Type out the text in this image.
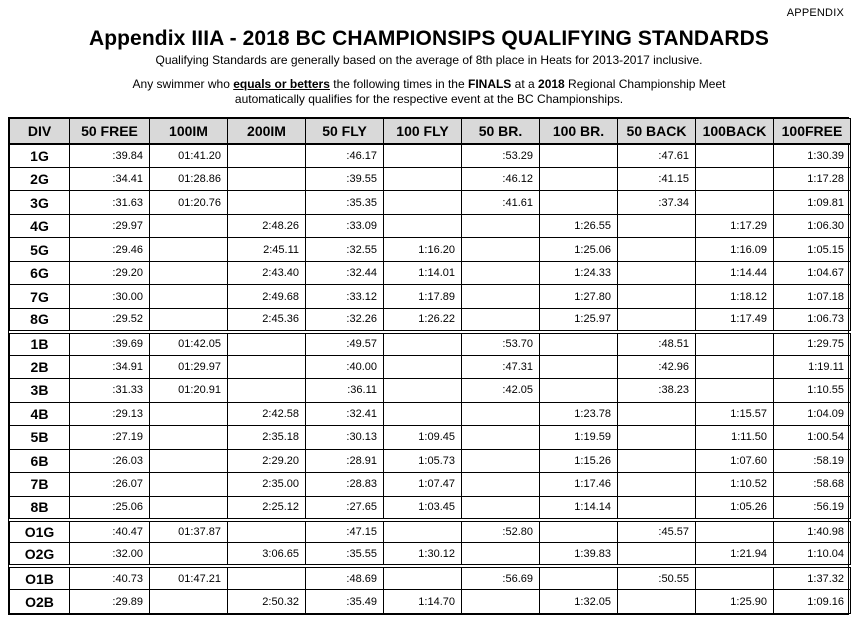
APPENDIX
Appendix IIIA - 2018 BC CHAMPIONSIPS QUALIFYING STANDARDS
Qualifying Standards are generally based on the average of 8th place in Heats for 2013-2017 inclusive.
Any swimmer who equals or betters the following times in the FINALS at a 2018 Regional Championship Meet
automatically qualifies for the respective event at the BC Championships.
DIV	50 FREE	100IM	200IM	50 FLY	100 FLY	50 BR.	100 BR.	50 BACK	100BACK	100FREE
1G	:39.84	01:41.20		:46.17		:53.29		:47.61		1:30.39
2G	:34.41	01:28.86		:39.55		:46.12		:41.15		1:17.28
3G	:31.63	01:20.76		:35.35		:41.61		:37.34		1:09.81
4G	:29.97		2:48.26	:33.09			1:26.55		1:17.29	1:06.30
5G	:29.46		2:45.11	:32.55	1:16.20		1:25.06		1:16.09	1:05.15
6G	:29.20		2:43.40	:32.44	1:14.01		1:24.33		1:14.44	1:04.67
7G	:30.00		2:49.68	:33.12	1:17.89		1:27.80		1:18.12	1:07.18
8G	:29.52		2:45.36	:32.26	1:26.22		1:25.97		1:17.49	1:06.73
1B	:39.69	01:42.05		:49.57		:53.70		:48.51		1:29.75
2B	:34.91	01:29.97		:40.00		:47.31		:42.96		1:19.11
3B	:31.33	01:20.91		:36.11		:42.05		:38.23		1:10.55
4B	:29.13		2:42.58	:32.41			1:23.78		1:15.57	1:04.09
5B	:27.19		2:35.18	:30.13	1:09.45		1:19.59		1:11.50	1:00.54
6B	:26.03		2:29.20	:28.91	1:05.73		1:15.26		1:07.60	:58.19
7B	:26.07		2:35.00	:28.83	1:07.47		1:17.46		1:10.52	:58.68
8B	:25.06		2:25.12	:27.65	1:03.45		1:14.14		1:05.26	:56.19
O1G	:40.47	01:37.87		:47.15		:52.80		:45.57		1:40.98
O2G	:32.00		3:06.65	:35.55	1:30.12		1:39.83		1:21.94	1:10.04
O1B	:40.73	01:47.21		:48.69		:56.69		:50.55		1:37.32
O2B	:29.89		2:50.32	:35.49	1:14.70		1:32.05		1:25.90	1:09.16
